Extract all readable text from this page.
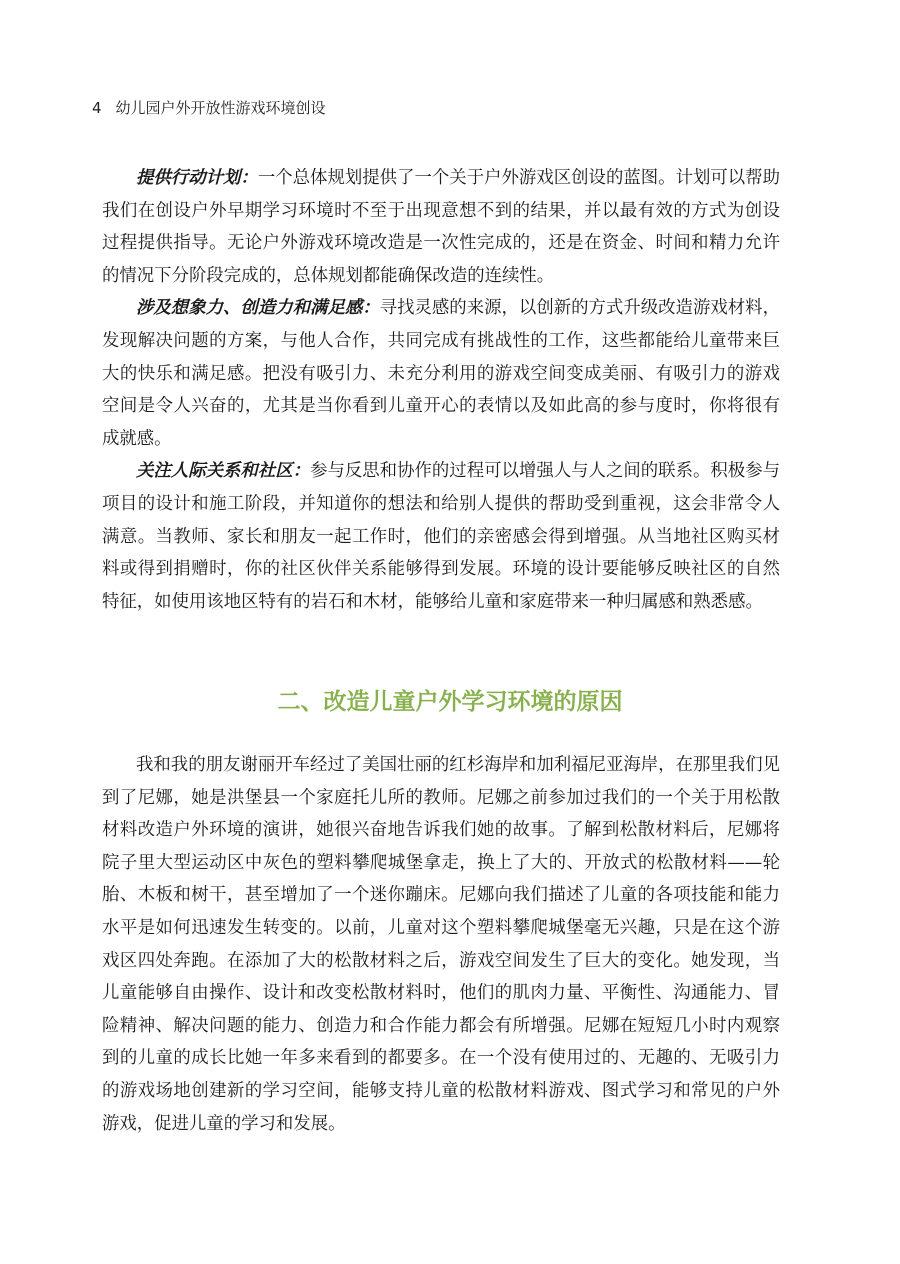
4 幼儿园户外开放性游戏环境创设

提供行动计划：一个总体规划提供了一个关于户外游戏区创设的蓝图。计划可以帮助我们在创设户外早期学习环境时不至于出现意想不到的结果，并以最有效的方式为创设过程提供指导。无论户外游戏环境改造是一次性完成的，还是在资金、时间和精力允许的情况下分阶段完成的，总体规划都能确保改造的连续性。

涉及想象力、创造力和满足感：寻找灵感的来源，以创新的方式升级改造游戏材料，发现解决问题的方案，与他人合作，共同完成有挑战性的工作，这些都能给儿童带来巨大的快乐和满足感。把没有吸引力、未充分利用的游戏空间变成美丽、有吸引力的游戏空间是令人兴奋的，尤其是当你看到儿童开心的表情以及如此高的参与度时，你将很有成就感。

关注人际关系和社区：参与反思和协作的过程可以增强人与人之间的联系。积极参与项目的设计和施工阶段，并知道你的想法和给别人提供的帮助受到重视，这会非常令人满意。当教师、家长和朋友一起工作时，他们的亲密感会得到增强。从当地社区购买材料或得到捐赠时，你的社区伙伴关系能够得到发展。环境的设计要能够反映社区的自然特征，如使用该地区特有的岩石和木材，能够给儿童和家庭带来一种归属感和熟悉感。

二、改造儿童户外学习环境的原因

我和我的朋友谢丽开车经过了美国壮丽的红杉海岸和加利福尼亚海岸，在那里我们见到了尼娜，她是洪堡县一个家庭托儿所的教师。尼娜之前参加过我们的一个关于用松散材料改造户外环境的演讲，她很兴奋地告诉我们她的故事。了解到松散材料后，尼娜将院子里大型运动区中灰色的塑料攀爬城堡拿走，换上了大的、开放式的松散材料——轮胎、木板和树干，甚至增加了一个迷你蹦床。尼娜向我们描述了儿童的各项技能和能力水平是如何迅速发生转变的。以前，儿童对这个塑料攀爬城堡毫无兴趣，只是在这个游戏区四处奔跑。在添加了大的松散材料之后，游戏空间发生了巨大的变化。她发现，当儿童能够自由操作、设计和改变松散材料时，他们的肌肉力量、平衡性、沟通能力、冒险精神、解决问题的能力、创造力和合作能力都会有所增强。尼娜在短短几小时内观察到的儿童的成长比她一年多来看到的都要多。在一个没有使用过的、无趣的、无吸引力的游戏场地创建新的学习空间，能够支持儿童的松散材料游戏、图式学习和常见的户外游戏，促进儿童的学习和发展。
